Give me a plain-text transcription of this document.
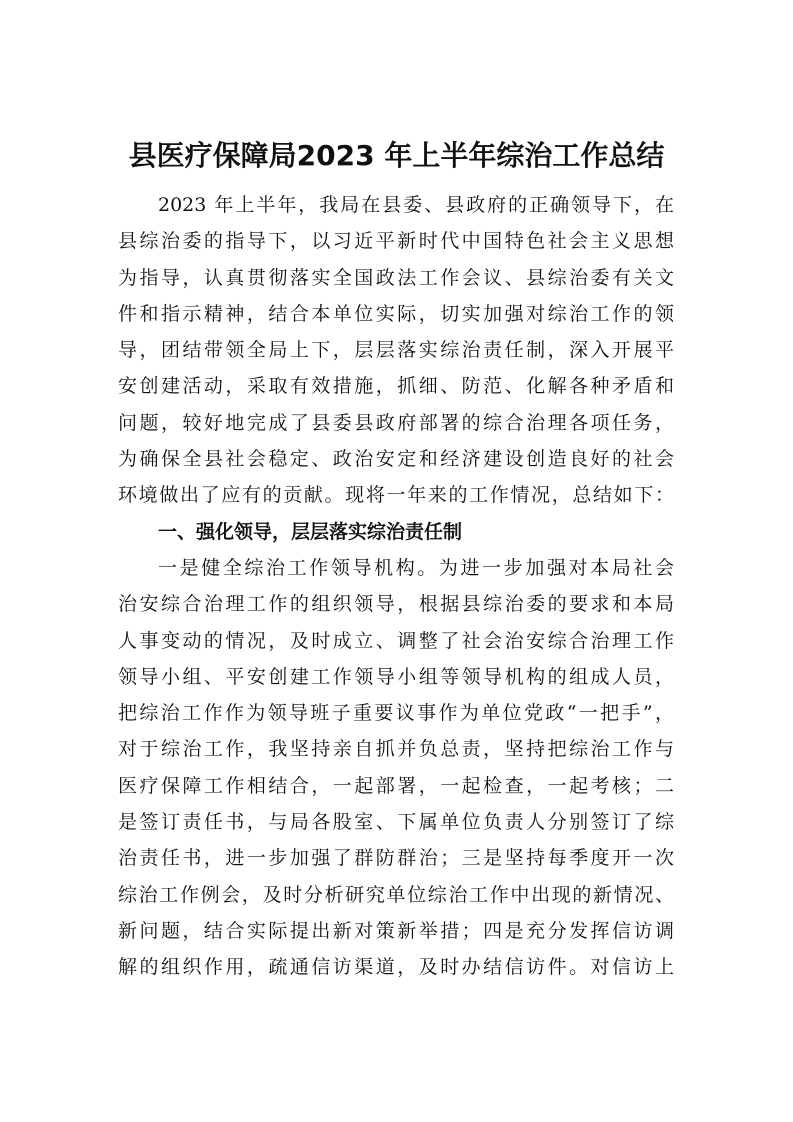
县医疗保障局2023 年上半年综治工作总结
2023 年上半年，我局在县委、县政府的正确领导下，在
县综治委的指导下，以习近平新时代中国特色社会主义思想
为指导，认真贯彻落实全国政法工作会议、县综治委有关文
件和指示精神，结合本单位实际，切实加强对综治工作的领
导，团结带领全局上下，层层落实综治责任制，深入开展平
安创建活动，采取有效措施，抓细、防范、化解各种矛盾和
问题，较好地完成了县委县政府部署的综合治理各项任务，
为确保全县社会稳定、政治安定和经济建设创造良好的社会
环境做出了应有的贡献。现将一年来的工作情况，总结如下：
一、强化领导，层层落实综治责任制
一是健全综治工作领导机构。为进一步加强对本局社会
治安综合治理工作的组织领导，根据县综治委的要求和本局
人事变动的情况，及时成立、调整了社会治安综合治理工作
领导小组、平安创建工作领导小组等领导机构的组成人员，
把综治工作作为领导班子重要议事作为单位党政“一把手”，
对于综治工作，我坚持亲自抓并负总责，坚持把综治工作与
医疗保障工作相结合，一起部署，一起检查，一起考核；二
是签订责任书，与局各股室、下属单位负责人分别签订了综
治责任书，进一步加强了群防群治；三是坚持每季度开一次
综治工作例会，及时分析研究单位综治工作中出现的新情况、
新问题，结合实际提出新对策新举措；四是充分发挥信访调
解的组织作用，疏通信访渠道，及时办结信访件。对信访上
